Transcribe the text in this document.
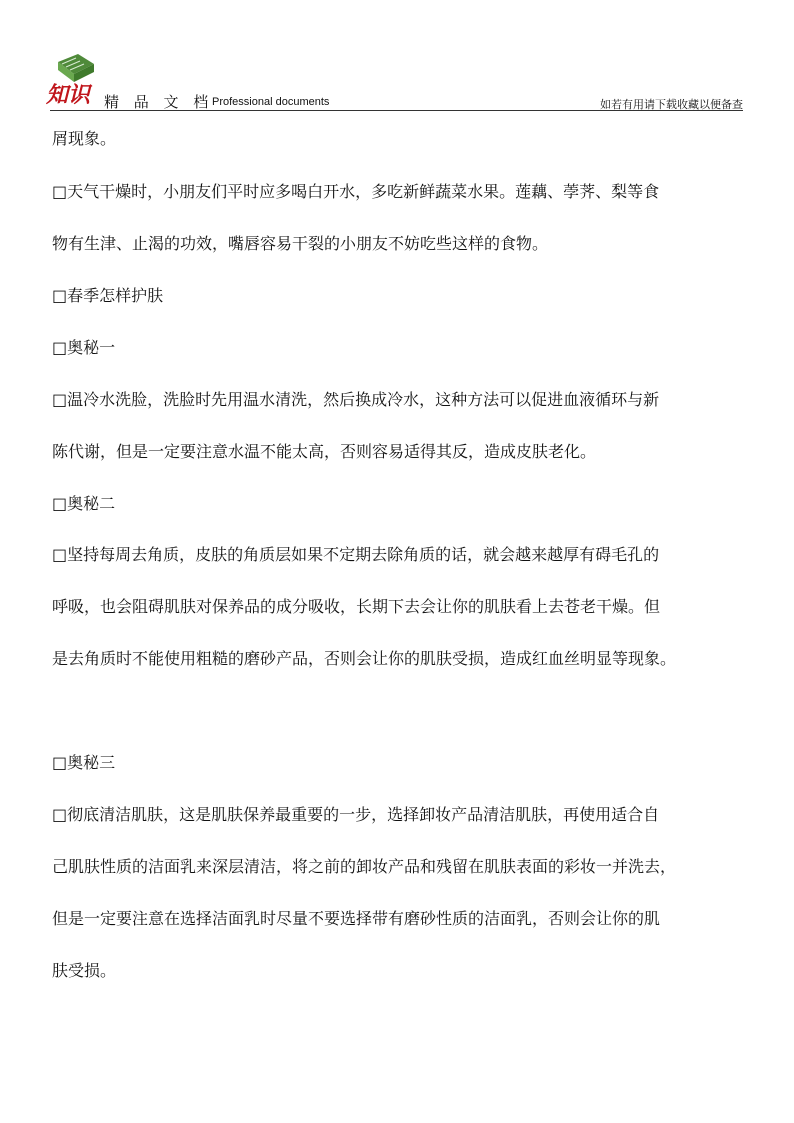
知识 精 品 文 档
Professional documents	如若有用请下载收藏以便备查
屑现象。
□天气干燥时，小朋友们平时应多喝白开水，多吃新鲜蔬菜水果。莲藕、荸荠、梨等食
物有生津、止渴的功效，嘴唇容易干裂的小朋友不妨吃些这样的食物。
□春季怎样护肤
□奥秘一
□温冷水洗脸，洗脸时先用温水清洗，然后换成冷水，这种方法可以促进血液循环与新
陈代谢，但是一定要注意水温不能太高，否则容易适得其反，造成皮肤老化。
□奥秘二
□坚持每周去角质，皮肤的角质层如果不定期去除角质的话，就会越来越厚有碍毛孔的
呼吸，也会阻碍肌肤对保养品的成分吸收，长期下去会让你的肌肤看上去苍老干燥。但
是去角质时不能使用粗糙的磨砂产品，否则会让你的肌肤受损，造成红血丝明显等现象。
□奥秘三
□彻底清洁肌肤，这是肌肤保养最重要的一步，选择卸妆产品清洁肌肤，再使用适合自
己肌肤性质的洁面乳来深层清洁，将之前的卸妆产品和残留在肌肤表面的彩妆一并洗去，
但是一定要注意在选择洁面乳时尽量不要选择带有磨砂性质的洁面乳，否则会让你的肌
肤受损。
